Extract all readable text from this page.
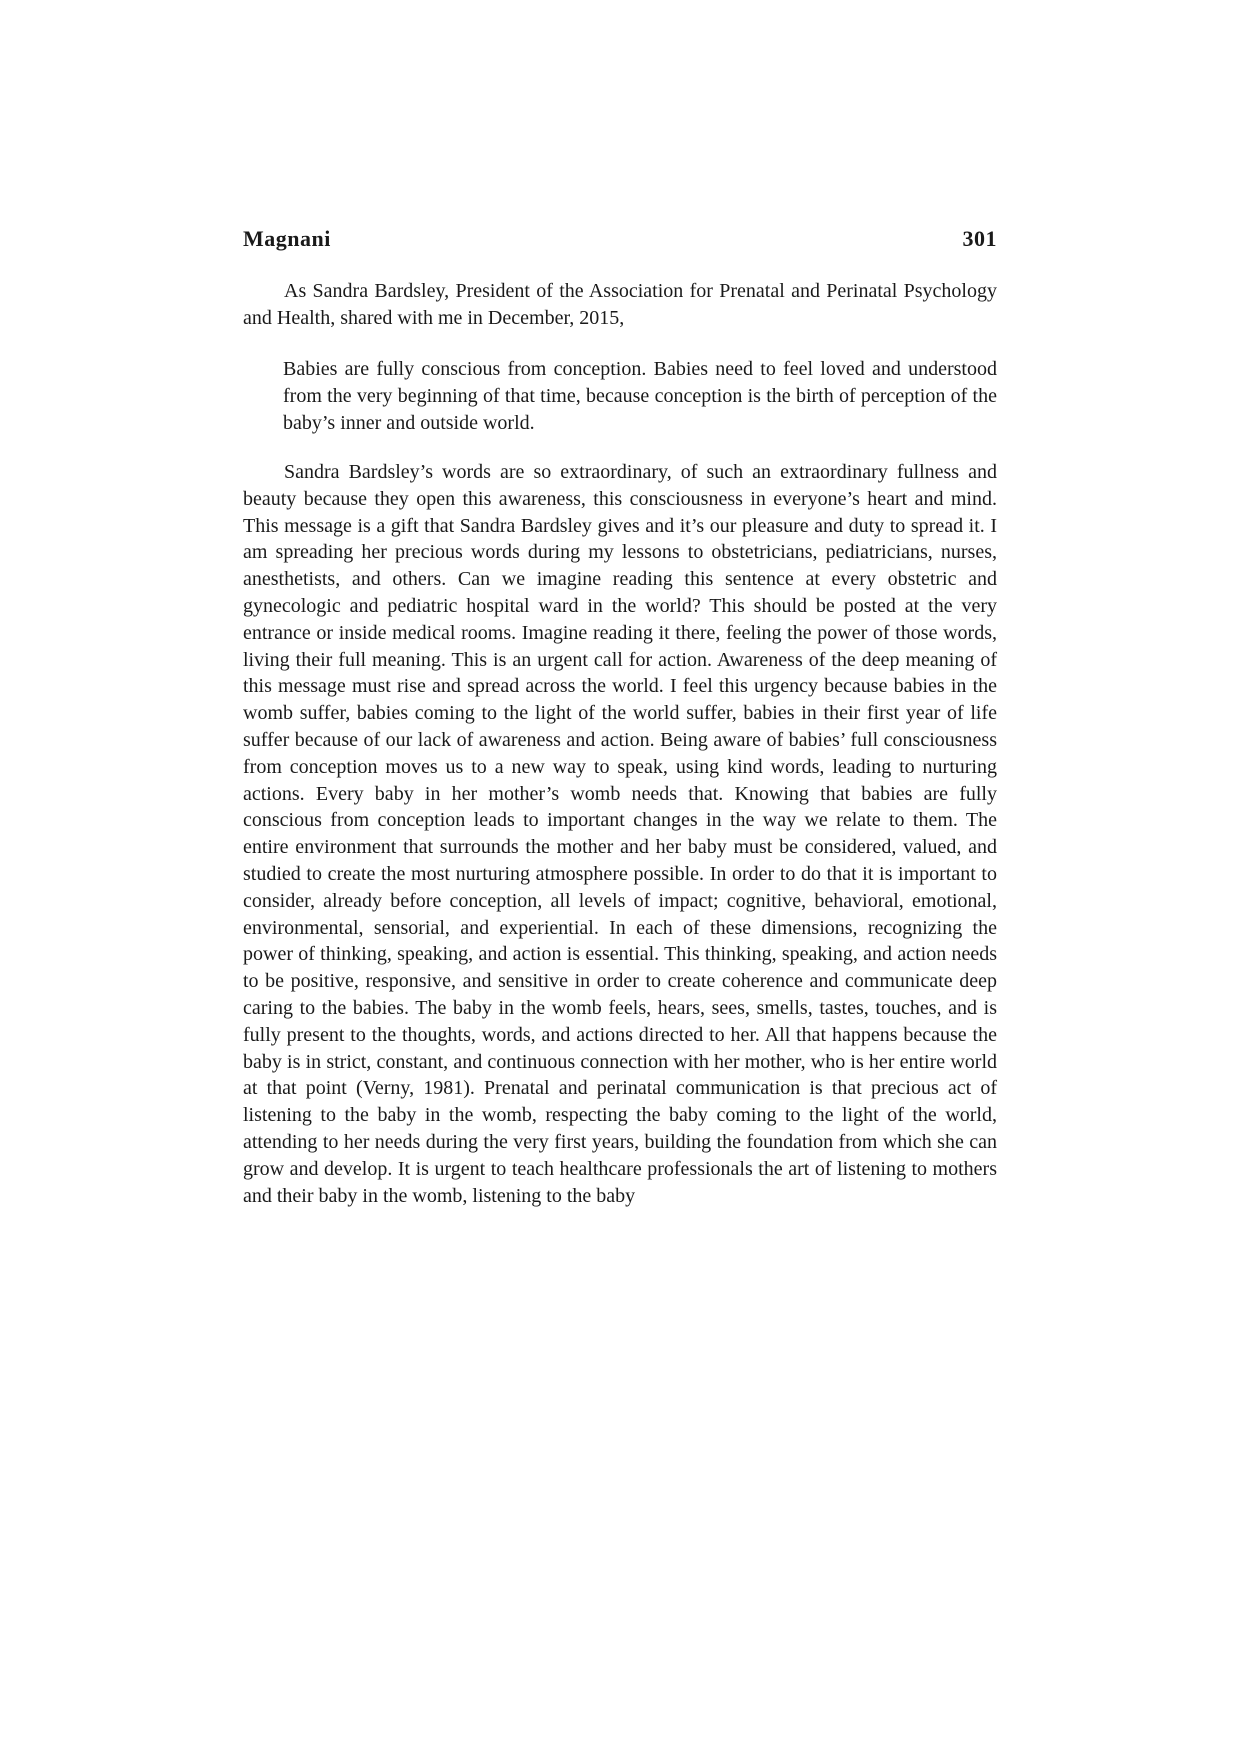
Magnani	301

As Sandra Bardsley, President of the Association for Prenatal and Perinatal Psychology and Health, shared with me in December, 2015,

Babies are fully conscious from conception. Babies need to feel loved and understood from the very beginning of that time, because conception is the birth of perception of the baby’s inner and outside world.

Sandra Bardsley’s words are so extraordinary, of such an extraordinary fullness and beauty because they open this awareness, this consciousness in everyone’s heart and mind. This message is a gift that Sandra Bardsley gives and it’s our pleasure and duty to spread it. I am spreading her precious words during my lessons to obstetricians, pediatricians, nurses, anesthetists, and others. Can we imagine reading this sentence at every obstetric and gynecologic and pediatric hospital ward in the world? This should be posted at the very entrance or inside medical rooms. Imagine reading it there, feeling the power of those words, living their full meaning. This is an urgent call for action. Awareness of the deep meaning of this message must rise and spread across the world. I feel this urgency because babies in the womb suffer, babies coming to the light of the world suffer, babies in their first year of life suffer because of our lack of awareness and action. Being aware of babies’ full consciousness from conception moves us to a new way to speak, using kind words, leading to nurturing actions. Every baby in her mother’s womb needs that. Knowing that babies are fully conscious from conception leads to important changes in the way we relate to them. The entire environment that surrounds the mother and her baby must be considered, valued, and studied to create the most nurturing atmosphere possible. In order to do that it is important to consider, already before conception, all levels of impact; cognitive, behavioral, emotional, environmental, sensorial, and experiential. In each of these dimensions, recognizing the power of thinking, speaking, and action is essential. This thinking, speaking, and action needs to be positive, responsive, and sensitive in order to create coherence and communicate deep caring to the babies. The baby in the womb feels, hears, sees, smells, tastes, touches, and is fully present to the thoughts, words, and actions directed to her. All that happens because the baby is in strict, constant, and continuous connection with her mother, who is her entire world at that point (Verny, 1981). Prenatal and perinatal communication is that precious act of listening to the baby in the womb, respecting the baby coming to the light of the world, attending to her needs during the very first years, building the foundation from which she can grow and develop. It is urgent to teach healthcare professionals the art of listening to mothers and their baby in the womb, listening to the baby
